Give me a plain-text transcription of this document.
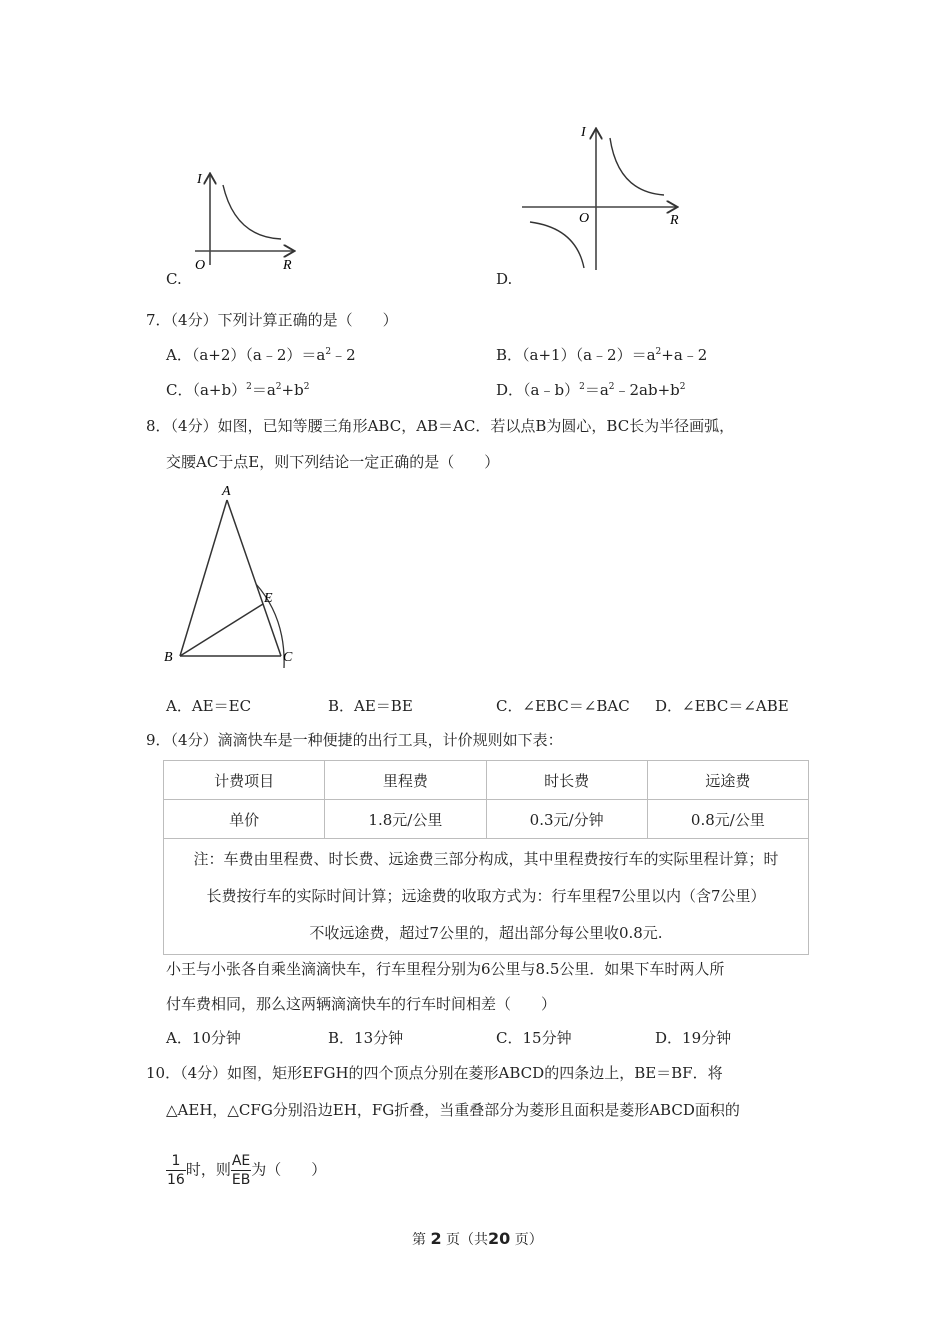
I
R
O
C.
I
R
O
D.
7．（4分）下列计算正确的是（　　）
A．$(a+2)(a﹣2)=a^2﹣2$	B．$(a+1)(a﹣2)=a^2+a﹣2$
C．$(a+b)^2=a^2+b^2$	D．$(a﹣b)^2=a^2﹣2ab+b^2$
8．（4分）如图，已知等腰三角形ABC，AB＝AC．若以点B为圆心，BC长为半径画弧，
交腰AC于点E，则下列结论一定正确的是（　　）
A
B	C
E
A．AE＝EC	B．AE＝BE	C．∠EBC＝∠BAC D．∠EBC＝∠ABE
9．（4分）滴滴快车是一种便捷的出行工具，计价规则如下表：
计费项目	里程费	时长费	远途费
单价	1.8元/公里	0.3元/分钟	0.8元/公里

注：车费由里程费、时长费、远途费三部分构成，其中里程费按行车的实际里程计算；时
长费按行车的实际时间计算；远途费的收取方式为：行车里程7公里以内（含7公里）
不收远途费，超过7公里的，超出部分每公里收0.8元.			
小王与小张各自乘坐滴滴快车，行车里程分别为6公里与8.5公里．如果下车时两人所
付车费相同，那么这两辆滴滴快车的行车时间相差（　　）
A．10分钟	B．13分钟	C．15分钟	D．19分钟
10．（4分）如图，矩形EFGH的四个顶点分别在菱形ABCD的四条边上，BE＝BF．将
△AEH，△CFG分别沿边EH，FG折叠，当重叠部分为菱形且面积是菱形ABCD面积的
$\frac{1}{16}$ 时，则 $\frac{AE}{EB}$ 为（　　）
第 2 页（共20 页）
